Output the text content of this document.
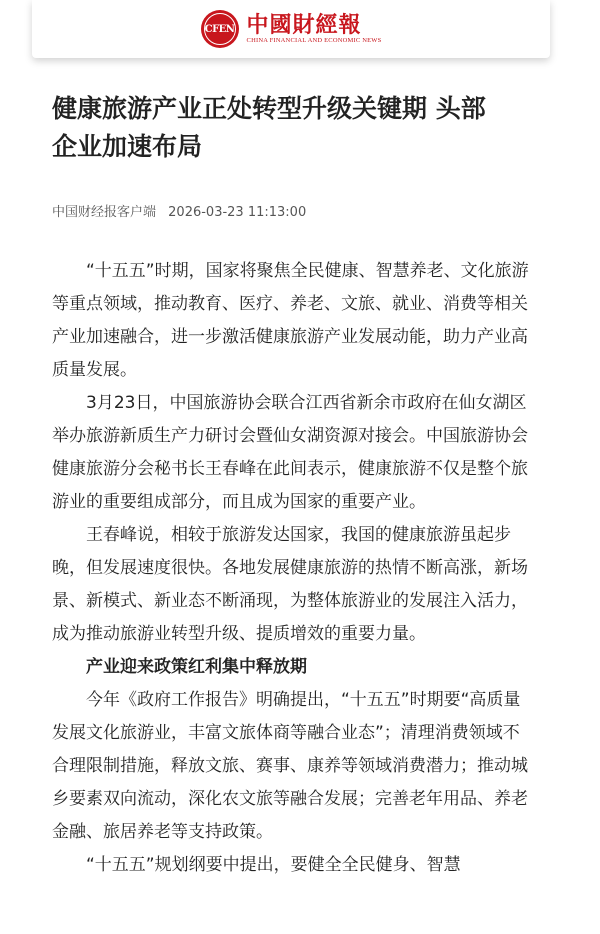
CFEN 中國財經報
CHINA FINANCIAL AND ECONOMIC NEWS
健康旅游产业正处转型升级关键期 头部企业加速布局
中国财经报客户端 2026-03-23 11:13:00

“十五五”时期，国家将聚焦全民健康、智慧养老、文化旅游等重点领域，推动教育、医疗、养老、文旅、就业、消费等相关产业加速融合，进一步激活健康旅游产业发展动能，助力产业高质量发展。

3月23日，中国旅游协会联合江西省新余市政府在仙女湖区举办旅游新质生产力研讨会暨仙女湖资源对接会。中国旅游协会健康旅游分会秘书长王春峰在此间表示，健康旅游不仅是整个旅游业的重要组成部分，而且成为国家的重要产业。

王春峰说，相较于旅游发达国家，我国的健康旅游虽起步晚，但发展速度很快。各地发展健康旅游的热情不断高涨，新场景、新模式、新业态不断涌现，为整体旅游业的发展注入活力，成为推动旅游业转型升级、提质增效的重要力量。

产业迎来政策红利集中释放期

今年《政府工作报告》明确提出，“十五五”时期要“高质量发展文化旅游业，丰富文旅体商等融合业态”；清理消费领域不合理限制措施，释放文旅、赛事、康养等领域消费潜力；推动城乡要素双向流动，深化农文旅等融合发展；完善老年用品、养老金融、旅居养老等支持政策。

“十五五”规划纲要中提出，要健全全民健身、智慧
